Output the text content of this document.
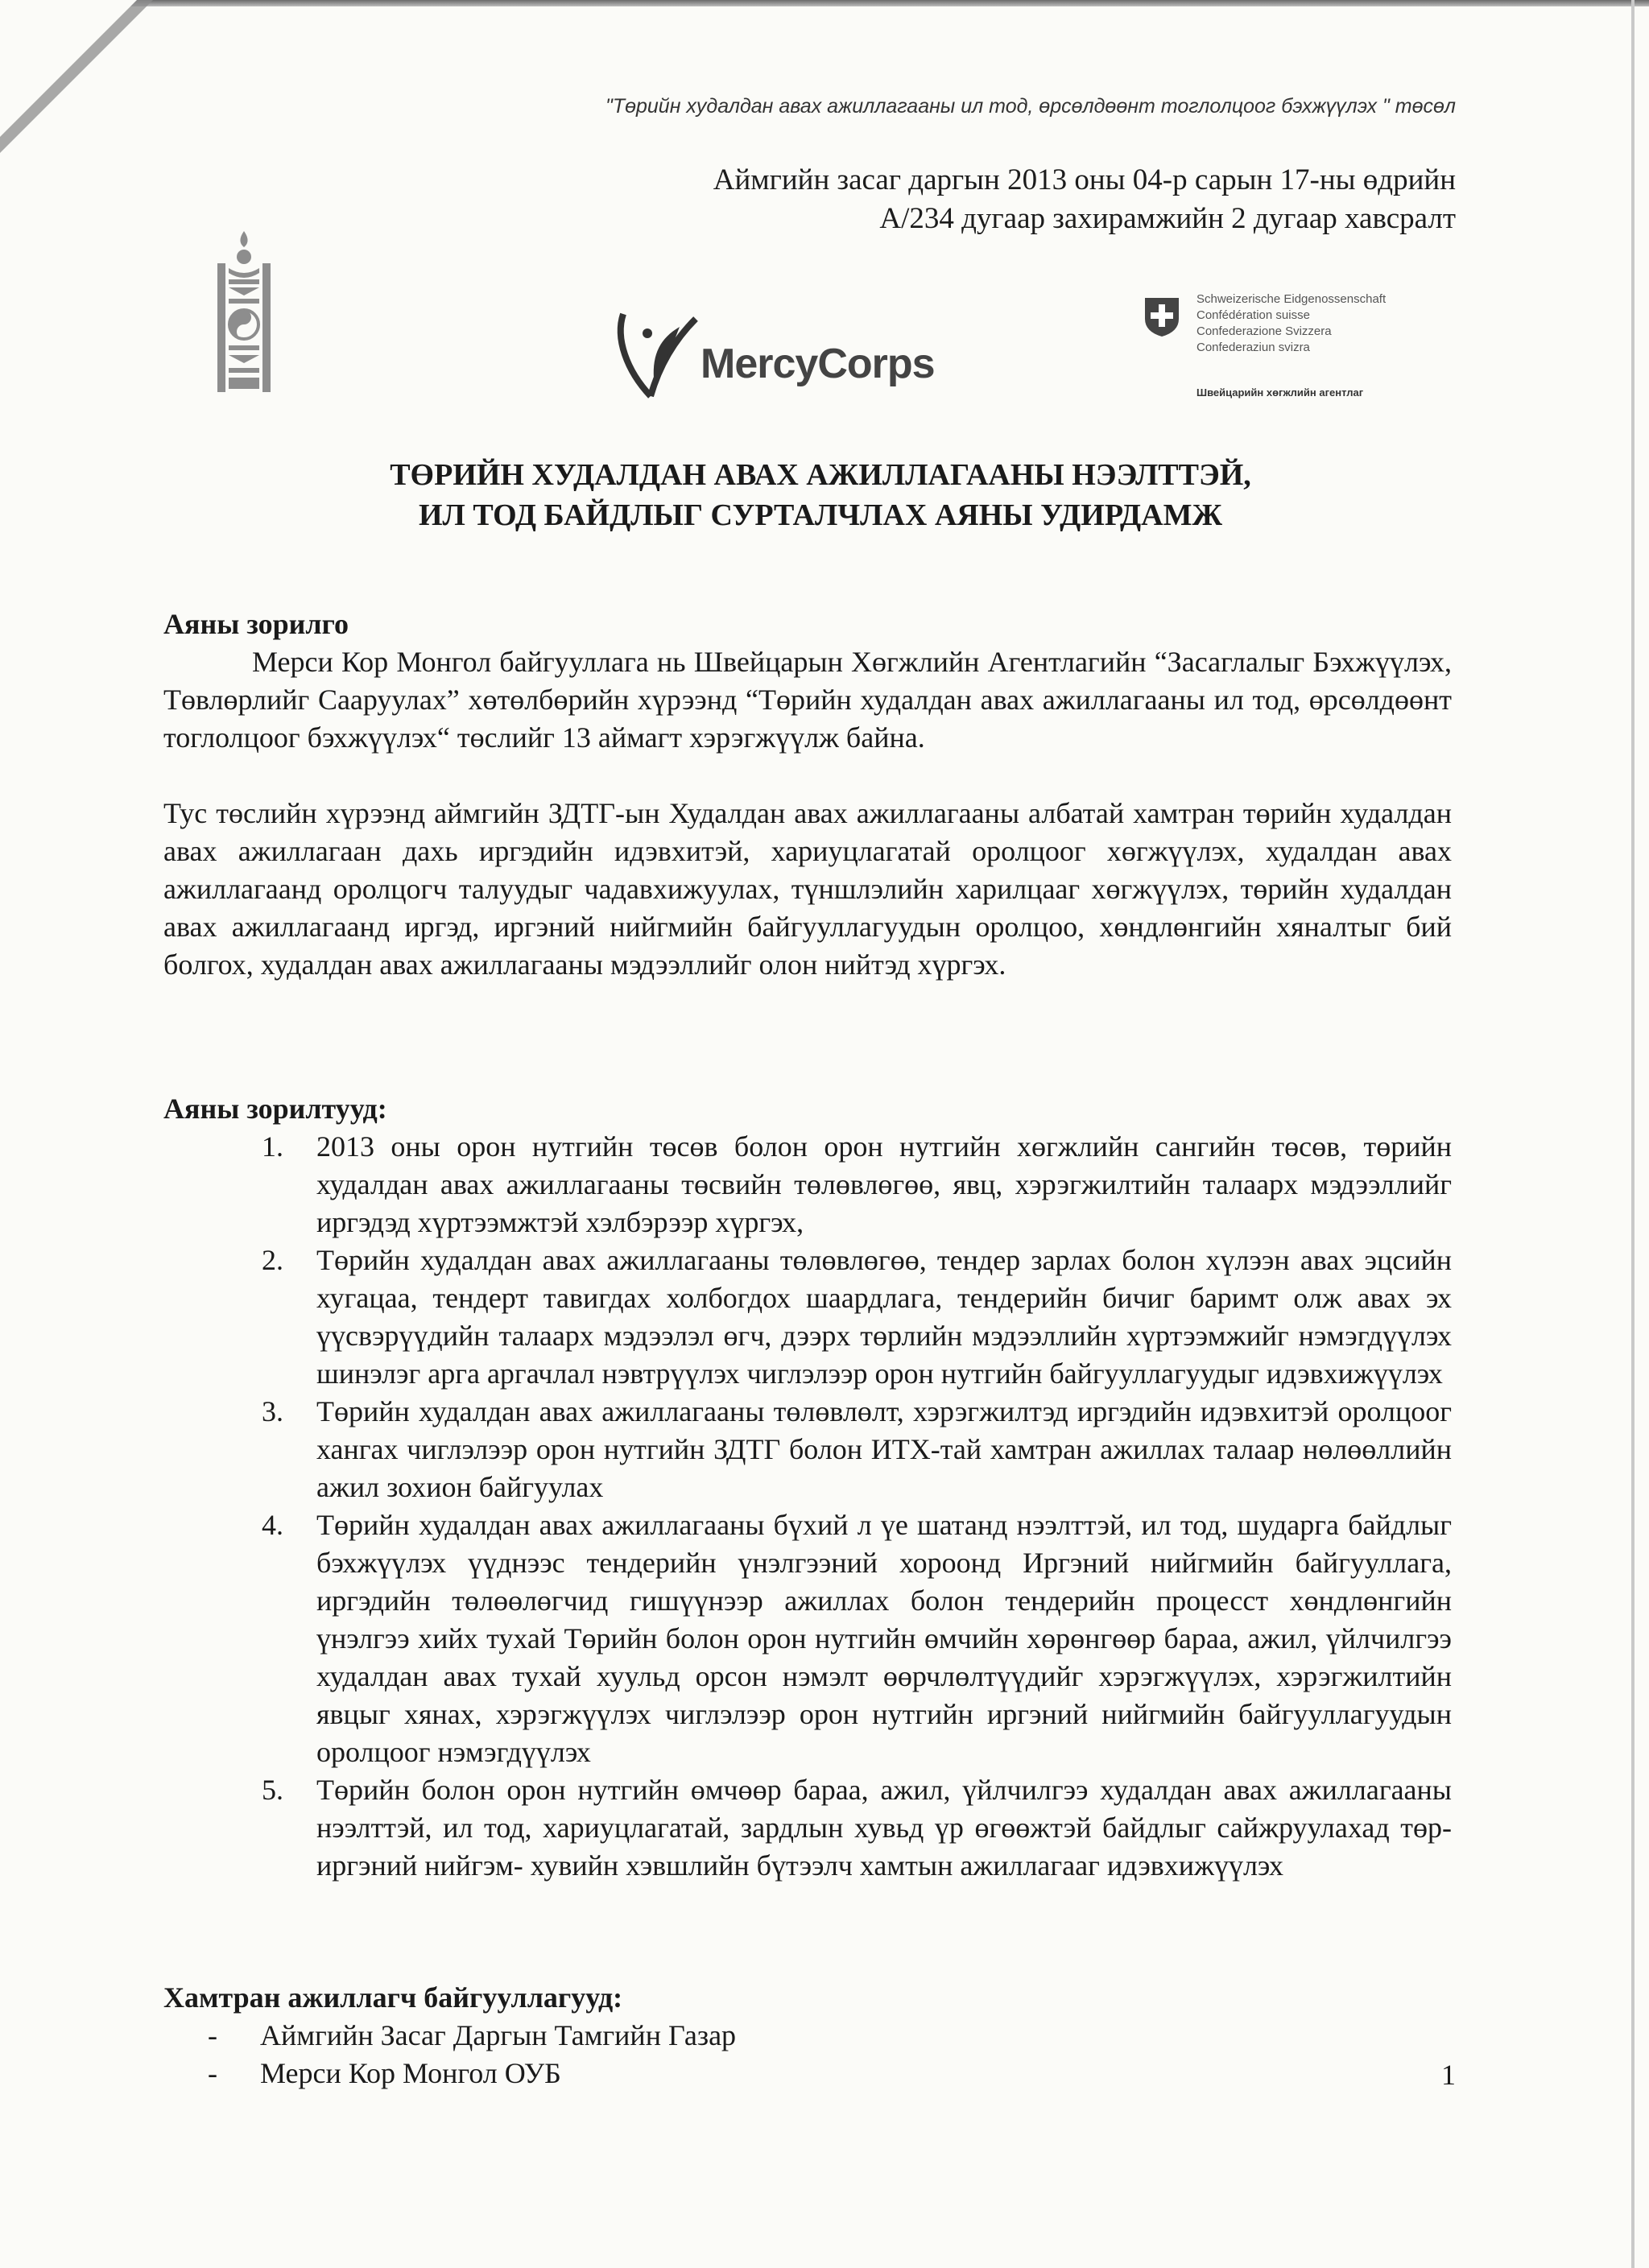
"Төрийн худалдан авах ажиллагааны ил тод, өрсөлдөөнт тоглолцоог бэхжүүлэх " төсөл
Аймгийн засаг даргын 2013 оны 04-р сарын 17-ны өдрийн
А/234 дугаар захирамжийн 2 дугаар хавсралт
MercyCorps
Schweizerische Eidgenossenschaft
Confédération suisse
Confederazione Svizzera
Confederaziun svizra
Швейцарийн хөгжлийн агентлаг
ТӨРИЙН ХУДАЛДАН АВАХ АЖИЛЛАГААНЫ НЭЭЛТТЭЙ,
ИЛ ТОД БАЙДЛЫГ СУРТАЛЧЛАХ АЯНЫ УДИРДАМЖ
Аяны зорилго
Мерси Кор Монгол байгууллага нь Швейцарын Хөгжлийн Агентлагийн “Засаглалыг Бэхжүүлэх, Төвлөрлийг Сааруулах” хөтөлбөрийн хүрээнд “Төрийн худалдан авах ажиллагааны ил тод, өрсөлдөөнт тоглолцоог бэхжүүлэх“ төслийг 13 аймагт хэрэгжүүлж байна.
Тус төслийн хүрээнд аймгийн ЗДТГ-ын Худалдан авах ажиллагааны албатай хамтран төрийн худалдан авах ажиллагаан дахь иргэдийн идэвхитэй, хариуцлагатай оролцоог хөгжүүлэх, худалдан авах ажиллагаанд оролцогч талуудыг чадавхижуулах, түншлэлийн харилцааг хөгжүүлэх, төрийн худалдан авах ажиллагаанд иргэд, иргэний нийгмийн байгууллагуудын оролцоо, хөндлөнгийн хяналтыг бий болгох, худалдан авах ажиллагааны мэдээллийг олон нийтэд хүргэх.
Аяны зорилтууд:
1. 2013 оны орон нутгийн төсөв болон орон нутгийн хөгжлийн сангийн төсөв, төрийн худалдан авах ажиллагааны төсвийн төлөвлөгөө, явц, хэрэгжилтийн талаарх мэдээллийг иргэдэд хүртээмжтэй хэлбэрээр хүргэх,
2. Төрийн худалдан авах ажиллагааны төлөвлөгөө, тендер зарлах болон хүлээн авах эцсийн хугацаа, тендерт тавигдах холбогдох шаардлага, тендерийн бичиг баримт олж авах эх үүсвэрүүдийн талаарх мэдээлэл өгч, дээрх төрлийн мэдээллийн хүртээмжийг нэмэгдүүлэх шинэлэг арга аргачлал нэвтрүүлэх чиглэлээр орон нутгийн байгууллагуудыг идэвхижүүлэх
3. Төрийн худалдан авах ажиллагааны төлөвлөлт, хэрэгжилтэд иргэдийн идэвхитэй оролцоог хангах чиглэлээр орон нутгийн ЗДТГ болон ИТХ-тай хамтран ажиллах талаар нөлөөллийн ажил зохион байгуулах
4. Төрийн худалдан авах ажиллагааны бүхий л үе шатанд нээлттэй, ил тод, шударга байдлыг бэхжүүлэх үүднээс тендерийн үнэлгээний хороонд Иргэний нийгмийн байгууллага, иргэдийн төлөөлөгчид гишүүнээр ажиллах болон тендерийн процесст хөндлөнгийн үнэлгээ хийх тухай Төрийн болон орон нутгийн өмчийн хөрөнгөөр бараа, ажил, үйлчилгээ худалдан авах тухай хуульд орсон нэмэлт өөрчлөлтүүдийг хэрэгжүүлэх, хэрэгжилтийн явцыг хянах, хэрэгжүүлэх чиглэлээр орон нутгийн иргэний нийгмийн байгууллагуудын оролцоог нэмэгдүүлэх
5. Төрийн болон орон нутгийн өмчөөр бараа, ажил, үйлчилгээ худалдан авах ажиллагааны нээлттэй, ил тод, хариуцлагатай, зардлын хувьд үр өгөөжтэй байдлыг сайжруулахад төр- иргэний нийгэм- хувийн хэвшлийн бүтээлч хамтын ажиллагааг идэвхижүүлэх
Хамтран ажиллагч байгууллагууд:
- Аймгийн Засаг Даргын Тамгийн Газар
- Мерси Кор Монгол ОУБ	1
